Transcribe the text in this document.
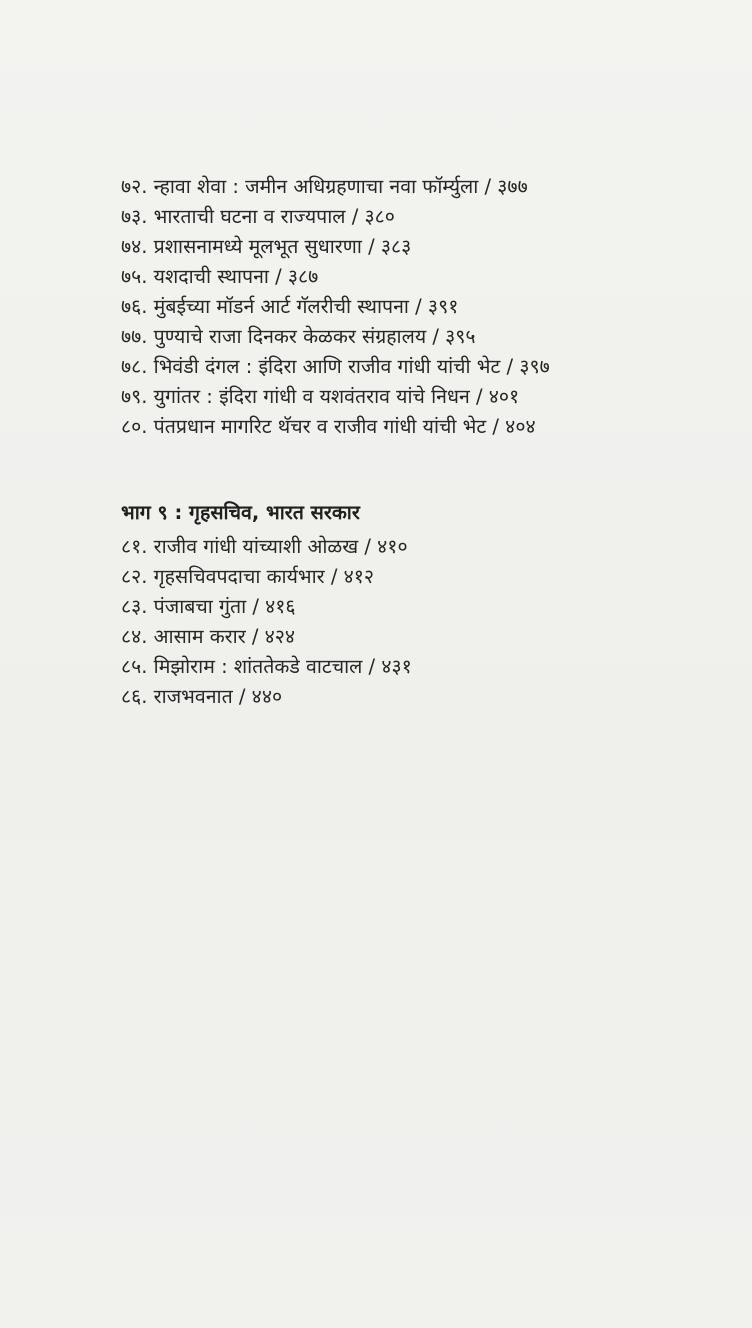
७२. न्हावा शेवा : जमीन अधिग्रहणाचा नवा फॉर्म्युला / ३७७
७३. भारताची घटना व राज्यपाल / ३८०
७४. प्रशासनामध्ये मूलभूत सुधारणा / ३८३
७५. यशदाची स्थापना / ३८७
७६. मुंबईच्या मॉडर्न आर्ट गॅलरीची स्थापना / ३९१
७७. पुण्याचे राजा दिनकर केळकर संग्रहालय / ३९५
७८. भिवंडी दंगल : इंदिरा आणि राजीव गांधी यांची भेट / ३९७
७९. युगांतर : इंदिरा गांधी व यशवंतराव यांचे निधन / ४०१
८०. पंतप्रधान मागरिट थॅचर व राजीव गांधी यांची भेट / ४०४
भाग ९ : गृहसचिव, भारत सरकार
८१. राजीव गांधी यांच्याशी ओळख / ४१०
८२. गृहसचिवपदाचा कार्यभार / ४१२
८३. पंजाबचा गुंता / ४१६
८४. आसाम करार / ४२४
८५. मिझोराम : शांततेकडे वाटचाल / ४३१
८६. राजभवनात / ४४०
